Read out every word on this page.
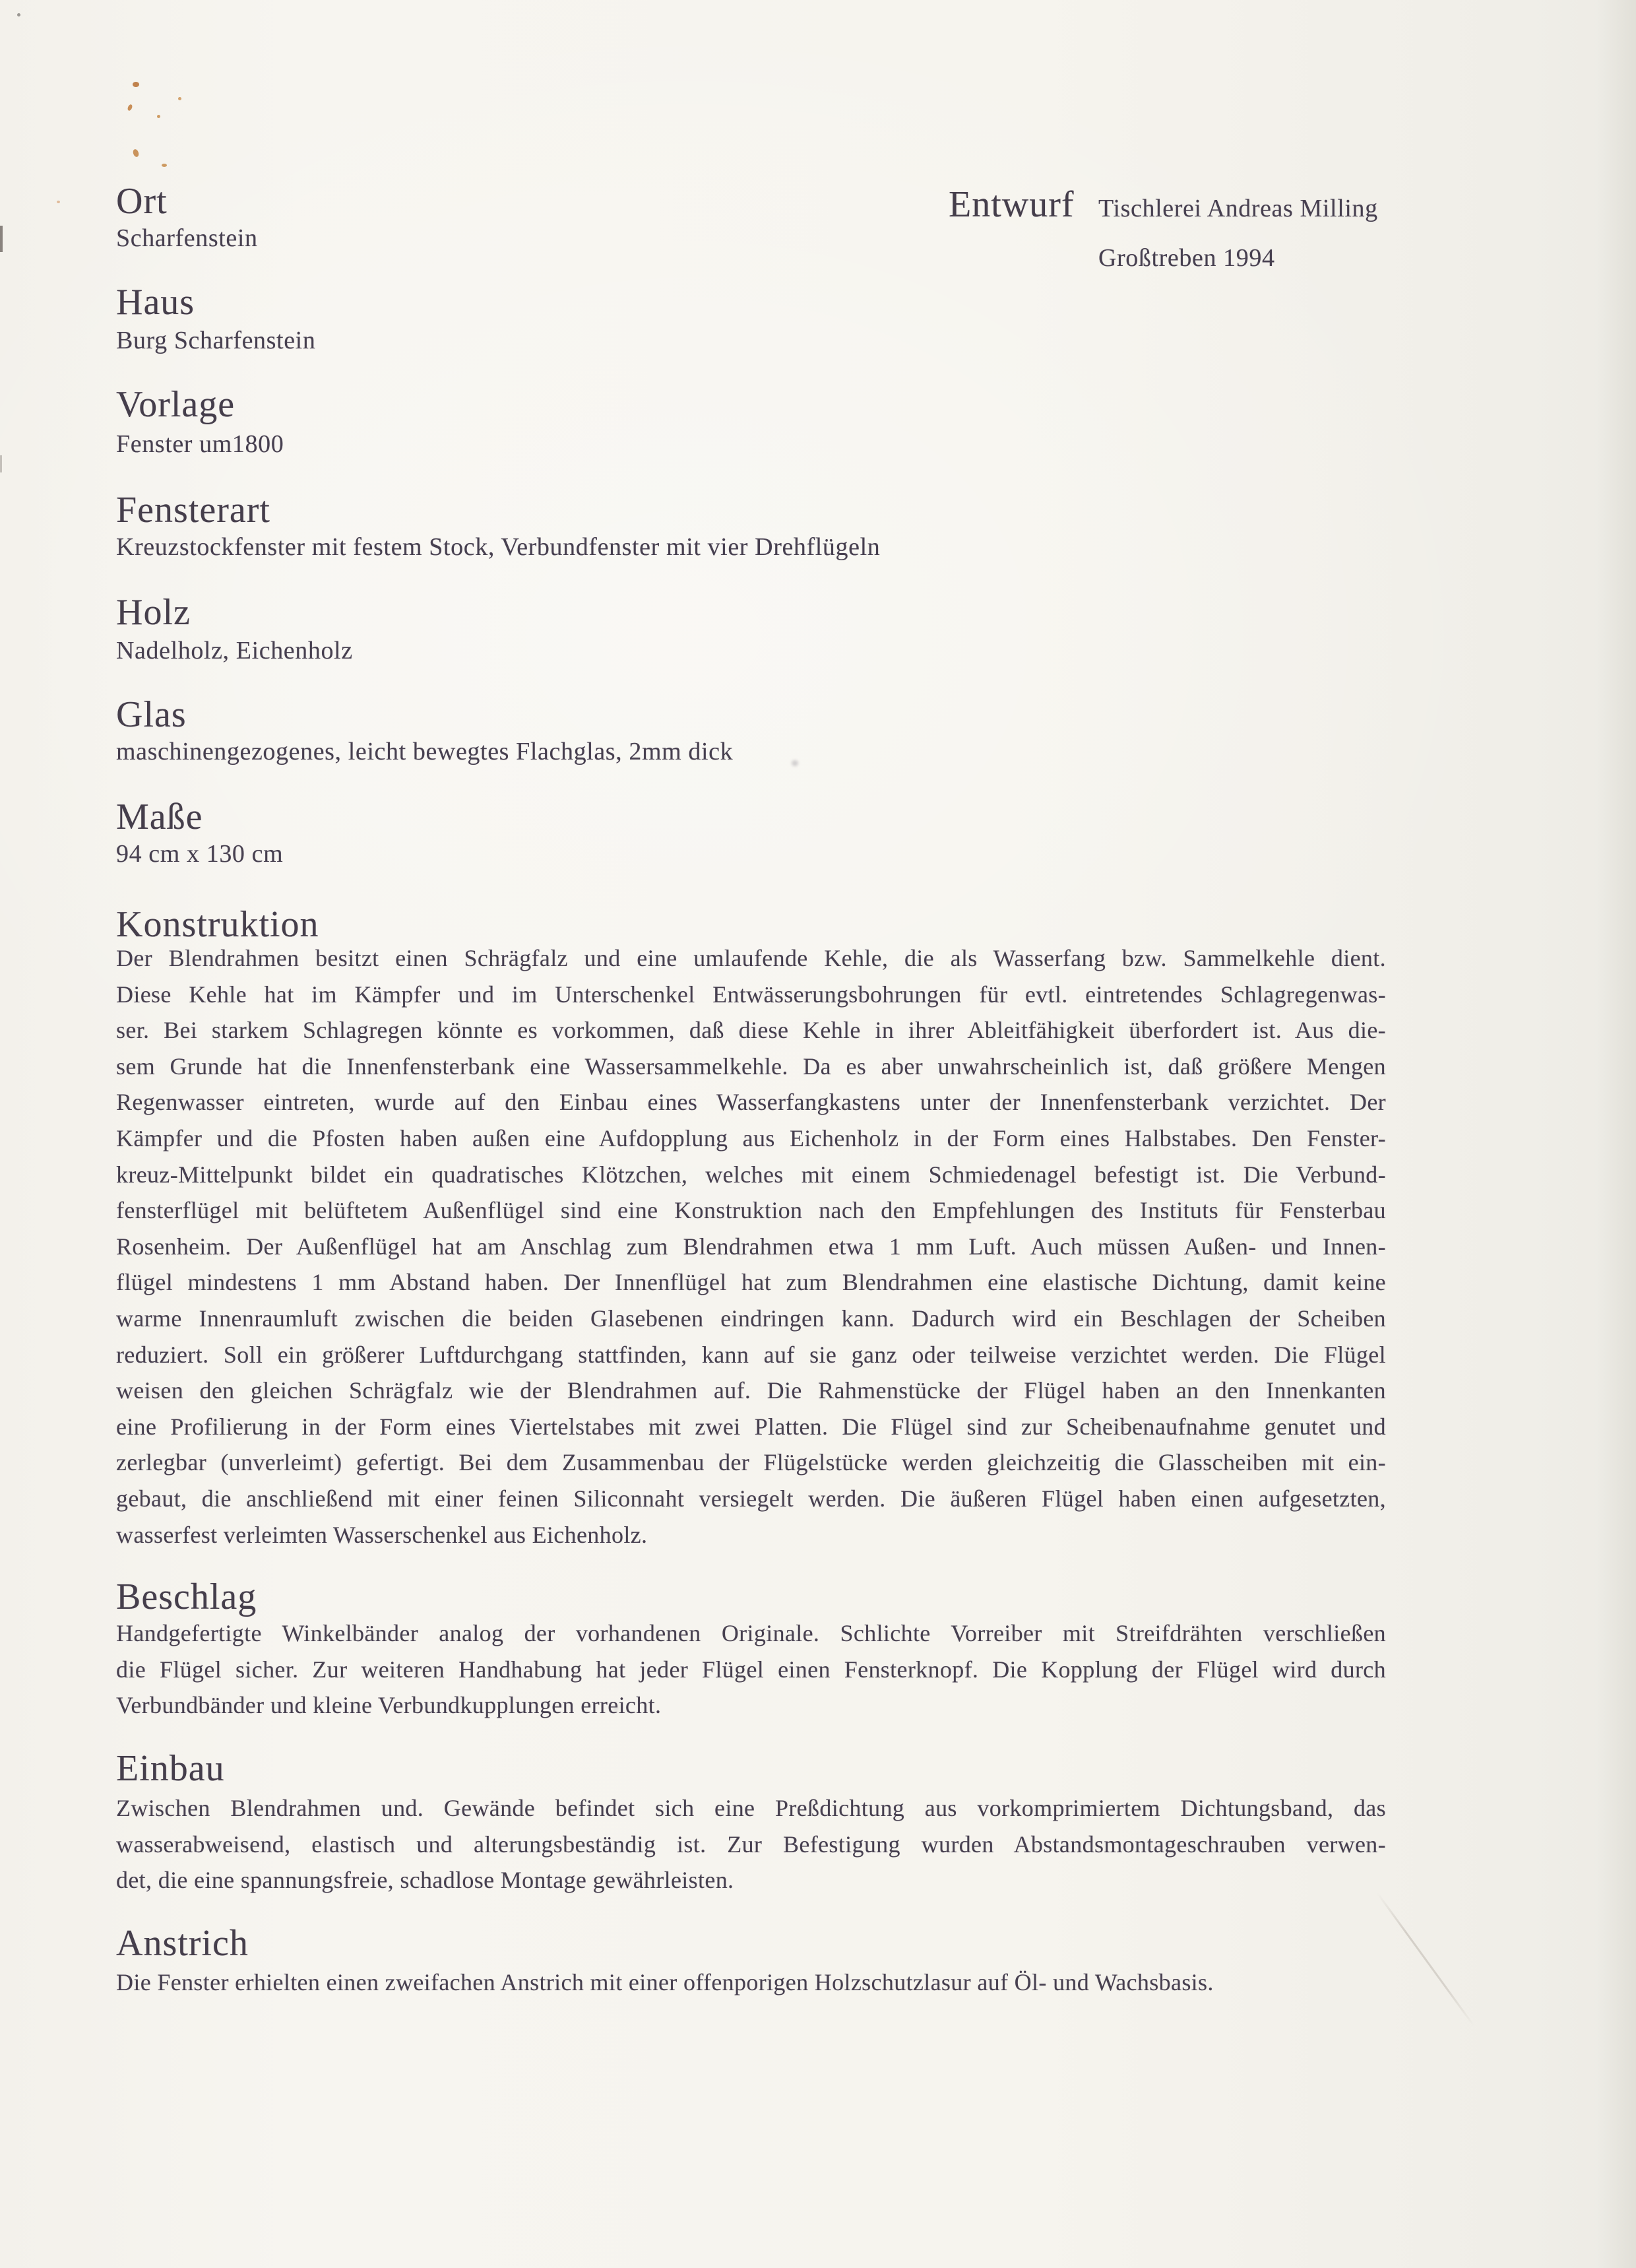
Ort
Scharfenstein
Haus
Burg Scharfenstein
Vorlage
Fenster um1800
Fensterart
Kreuzstockfenster mit festem Stock, Verbundfenster mit vier Drehflügeln
Holz
Nadelholz, Eichenholz
Glas
maschinengezogenes, leicht bewegtes Flachglas, 2mm dick
Maße
94 cm x 130 cm
Entwurf Tischlerei Andreas Milling
Großtreben 1994
Konstruktion
Der Blendrahmen besitzt einen Schrägfalz und eine umlaufende Kehle, die als Wasserfang bzw. Sammelkehle dient.
Diese Kehle hat im Kämpfer und im Unterschenkel Entwässerungsbohrungen für evtl. eintretendes Schlagregenwas-
ser. Bei starkem Schlagregen könnte es vorkommen, daß diese Kehle in ihrer Ableitfähigkeit überfordert ist. Aus die-
sem Grunde hat die Innenfensterbank eine Wassersammelkehle. Da es aber unwahrscheinlich ist, daß größere Mengen
Regenwasser eintreten, wurde auf den Einbau eines Wasserfangkastens unter der Innenfensterbank verzichtet. Der
Kämpfer und die Pfosten haben außen eine Aufdopplung aus Eichenholz in der Form eines Halbstabes. Den Fenster-
kreuz-Mittelpunkt bildet ein quadratisches Klötzchen, welches mit einem Schmiedenagel befestigt ist. Die Verbund-
fensterflügel mit belüftetem Außenflügel sind eine Konstruktion nach den Empfehlungen des Instituts für Fensterbau
Rosenheim. Der Außenflügel hat am Anschlag zum Blendrahmen etwa 1 mm Luft. Auch müssen Außen- und Innen-
flügel mindestens 1 mm Abstand haben. Der Innenflügel hat zum Blendrahmen eine elastische Dichtung, damit keine
warme Innenraumluft zwischen die beiden Glasebenen eindringen kann. Dadurch wird ein Beschlagen der Scheiben
reduziert. Soll ein größerer Luftdurchgang stattfinden, kann auf sie ganz oder teilweise verzichtet werden. Die Flügel
weisen den gleichen Schrägfalz wie der Blendrahmen auf. Die Rahmenstücke der Flügel haben an den Innenkanten
eine Profilierung in der Form eines Viertelstabes mit zwei Platten. Die Flügel sind zur Scheibenaufnahme genutet und
zerlegbar (unverleimt) gefertigt. Bei dem Zusammenbau der Flügelstücke werden gleichzeitig die Glasscheiben mit ein-
gebaut, die anschließend mit einer feinen Siliconnaht versiegelt werden. Die äußeren Flügel haben einen aufgesetzten,
wasserfest verleimten Wasserschenkel aus Eichenholz.
Beschlag
Handgefertigte Winkelbänder analog der vorhandenen Originale. Schlichte Vorreiber mit Streifdrähten verschließen
die Flügel sicher. Zur weiteren Handhabung hat jeder Flügel einen Fensterknopf. Die Kopplung der Flügel wird durch
Verbundbänder und kleine Verbundkupplungen erreicht.
Einbau
Zwischen Blendrahmen und. Gewände befindet sich eine Preßdichtung aus vorkomprimiertem Dichtungsband, das
wasserabweisend, elastisch und alterungsbeständig ist. Zur Befestigung wurden Abstandsmontageschrauben verwen-
det, die eine spannungsfreie, schadlose Montage gewährleisten.
Anstrich
Die Fenster erhielten einen zweifachen Anstrich mit einer offenporigen Holzschutzlasur auf Öl- und Wachsbasis.
